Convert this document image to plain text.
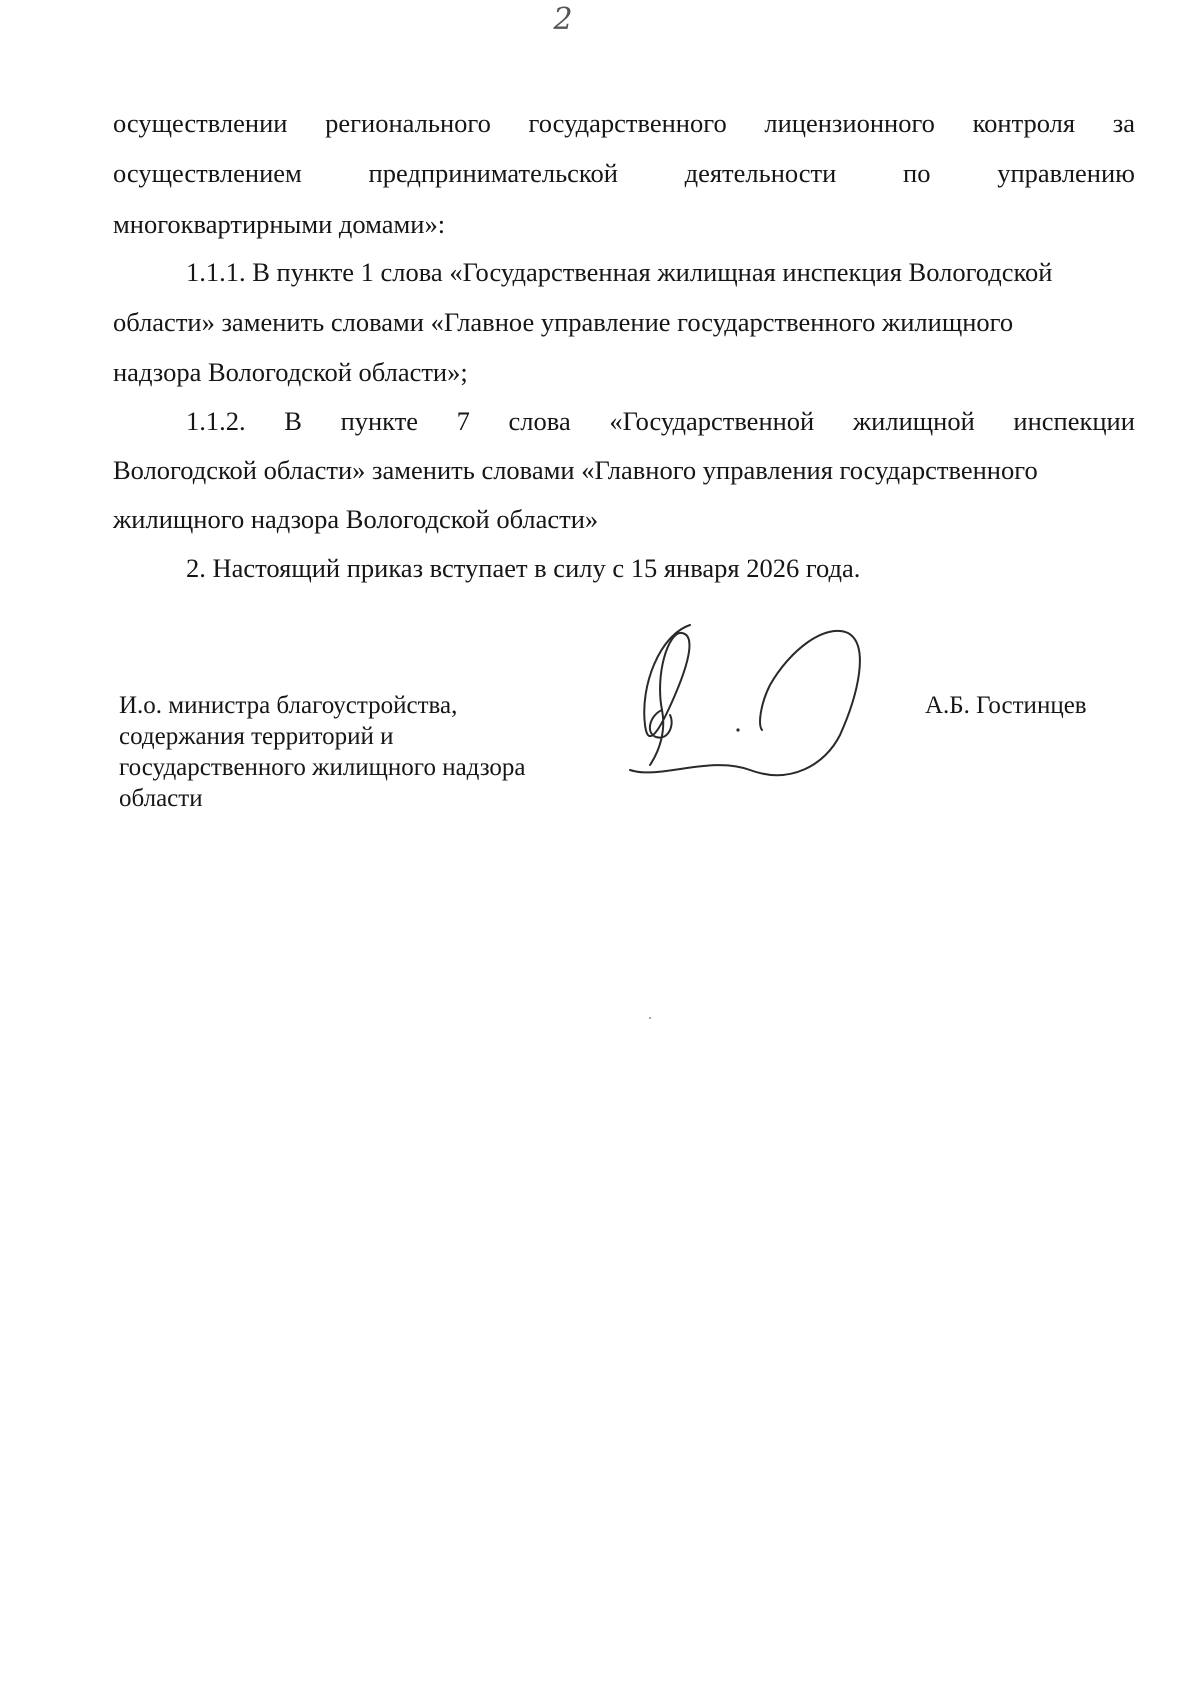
2
осуществлении регионального государственного лицензионного контроля за
осуществлением	предпринимательской	деятельности	по	управлению
многоквартирными домами»:
1.1.1. В пункте 1 слова «Государственная жилищная инспекция Вологодской
области» заменить словами «Главное управление государственного жилищного
надзора Вологодской области»;
1.1.2. В пункте 7 слова «Государственной жилищной инспекции
Вологодской области» заменить словами «Главного управления государственного
жилищного надзора Вологодской области»
2. Настоящий приказ вступает в силу с 15 января 2026 года.
И.о. министра благоустройства,
содержания территорий и
государственного жилищного надзора
области
А.Б. Гостинцев
